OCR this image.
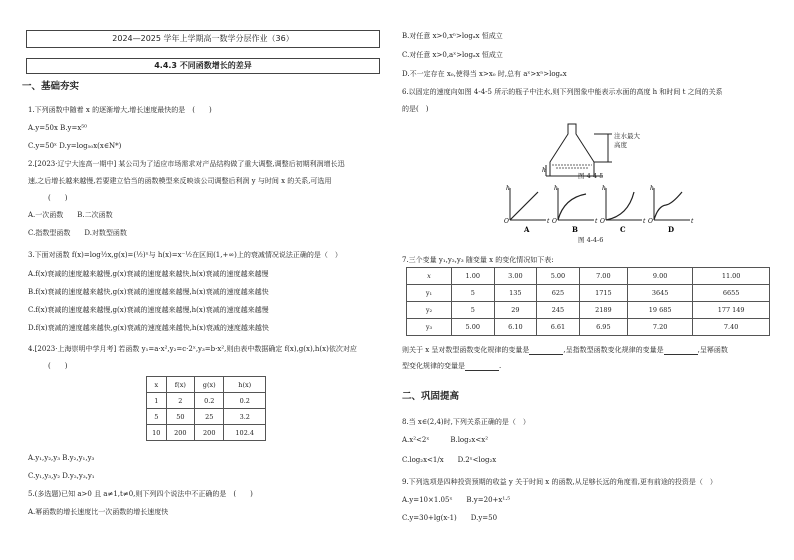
2024—2025 学年上学期高一数学分层作业（36）
4.4.3 不同函数增长的差异
一、基础夯实
1.下列函数中随着 x 的逐渐增大,增长速度最快的是　(　　)
A.y=50x B.y=x⁵⁰
C.y=50ˣ D.y=log₅₀x(x∈N*)
2.[2023·辽宁大连高一期中] 某公司为了适应市场需求对产品结构做了重大调整,调整后初期利润增长迅
速,之后增长越来越慢,若要建立恰当的函数模型来反映该公司调整后利润 y 与时间 x 的关系,可选用
(　　)
A.一次函数　　B.二次函数
C.指数型函数　　D.对数型函数
3.下面对函数 f(x)=log½x,g(x)=(½)ˣ与 h(x)=x⁻½在区间(1,+∞)上的衰减情况说法正确的是（　）
A.f(x)衰减的速度越来越慢,g(x)衰减的速度越来越快,h(x)衰减的速度越来越慢
B.f(x)衰减的速度越来越快,g(x)衰减的速度越来越慢,h(x)衰减的速度越来越快
C.f(x)衰减的速度越来越慢,g(x)衰减的速度越来越慢,h(x)衰减的速度越来越慢
D.f(x)衰减的速度越来越快,g(x)衰减的速度越来越快,h(x)衰减的速度越来越快
4.[2023·上海崇明中学月考] 若函数 y₁=a·x²,y₂=c·2ˣ,y₃=b·x²,则由表中数据确定 f(x),g(x),h(x)依次对应
(　　)
x	f(x)	g(x)	h(x)
1	2	0.2	0.2
5	50	25	3.2
10	200	200	102.4
A.y₁,y₂,y₃ B.y₂,y₁,y₃
C.y₁,y₃,y₂ D.y₂,y₃,y₁
5.(多选题)已知 a>0 且 a≠1,t≠0,则下列四个说法中不正确的是　(　　)
A.幂函数的增长速度比一次函数的增长速度快
B.对任意 x>0,xⁿ>logₐx 恒成立
C.对任意 x>0,aˣ>logₐx 恒成立
D.不一定存在 x₀,使得当 x>x₀ 时,总有 aˣ>xⁿ>logₐx
6.以固定的速度向如图 4-4-5 所示的瓶子中注水,则下列图象中能表示水面的高度 h 和时间 t 之间的关系
的是(　)
h
注水最大高度
图 4-4-5
h
t
O
A
h
t
O
B
h
t
O
C
h
t
O
D
图 4-4-6
7.三个变量 y₁,y₂,y₃ 随变量 x 的变化情况如下表:
x	1.00	3.00	5.00	7.00	9.00	11.00
y₁	5	135	625	1715	3645	6655
y₂	5	29	245	2189	19 685	177 149
y₃	5.00	6.10	6.61	6.95	7.20	7.40
则关于 x 呈对数型函数变化规律的变量是	,呈指数型函数变化规律的变量是	,呈幂函数
型变化规律的变量是	.
二、巩固提高
8.当 x∈(2,4)时,下列关系正确的是（　）
A.x²<2ˣ　　　B.log₂x<x²
C.log₂x<1/x　　D.2ˣ<log₂x
9.下列选项是四种投资预期的收益 y 关于时间 x 的函数,从足够长远的角度看,更有前途的投资是（　）
A.y=10×1.05ˣ　　B.y=20+x¹·⁵
C.y=30+lg(x-1)　　D.y=50
